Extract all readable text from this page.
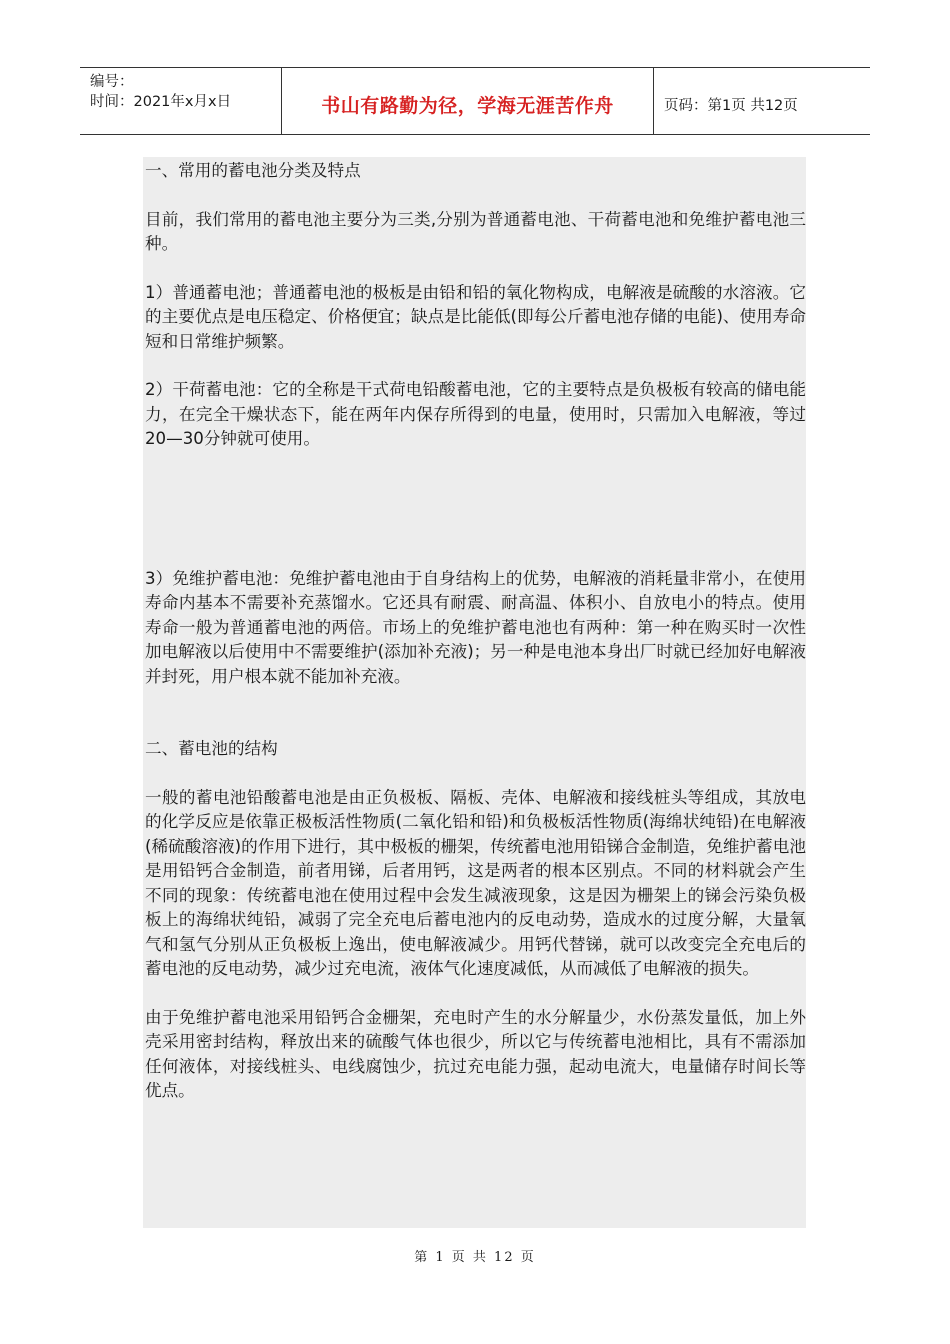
编号：
时间：2021年x月x日	书山有路勤为径，学海无涯苦作舟	页码：第1页 共12页

一、常用的蓄电池分类及特点

目前，我们常用的蓄电池主要分为三类,分别为普通蓄电池、干荷蓄电池和免维护蓄电池三种。

1）普通蓄电池；普通蓄电池的极板是由铅和铅的氧化物构成，电解液是硫酸的水溶液。它的主要优点是电压稳定、价格便宜；缺点是比能低(即每公斤蓄电池存储的电能)、使用寿命短和日常维护频繁。

2）干荷蓄电池：它的全称是干式荷电铅酸蓄电池，它的主要特点是负极板有较高的储电能力，在完全干燥状态下，能在两年内保存所得到的电量，使用时，只需加入电解液，等过20—30分钟就可使用。

3）免维护蓄电池：免维护蓄电池由于自身结构上的优势，电解液的消耗量非常小，在使用寿命内基本不需要补充蒸馏水。它还具有耐震、耐高温、体积小、自放电小的特点。使用寿命一般为普通蓄电池的两倍。市场上的免维护蓄电池也有两种：第一种在购买时一次性加电解液以后使用中不需要维护(添加补充液)；另一种是电池本身出厂时就已经加好电解液并封死，用户根本就不能加补充液。

二、蓄电池的结构

一般的蓄电池铅酸蓄电池是由正负极板、隔板、壳体、电解液和接线桩头等组成，其放电的化学反应是依靠正极板活性物质(二氧化铅和铅)和负极板活性物质(海绵状纯铅)在电解液(稀硫酸溶液)的作用下进行，其中极板的栅架，传统蓄电池用铅锑合金制造，免维护蓄电池是用铅钙合金制造，前者用锑，后者用钙，这是两者的根本区别点。不同的材料就会产生不同的现象：传统蓄电池在使用过程中会发生减液现象，这是因为栅架上的锑会污染负极板上的海绵状纯铅，减弱了完全充电后蓄电池内的反电动势，造成水的过度分解，大量氧气和氢气分别从正负极板上逸出，使电解液减少。用钙代替锑，就可以改变完全充电后的蓄电池的反电动势，减少过充电流，液体气化速度减低，从而减低了电解液的损失。

由于免维护蓄电池采用铅钙合金栅架，充电时产生的水分解量少，水份蒸发量低，加上外壳采用密封结构，释放出来的硫酸气体也很少，所以它与传统蓄电池相比，具有不需添加任何液体，对接线桩头、电线腐蚀少，抗过充电能力强，起动电流大，电量储存时间长等优点。

第 1 页 共 12 页
